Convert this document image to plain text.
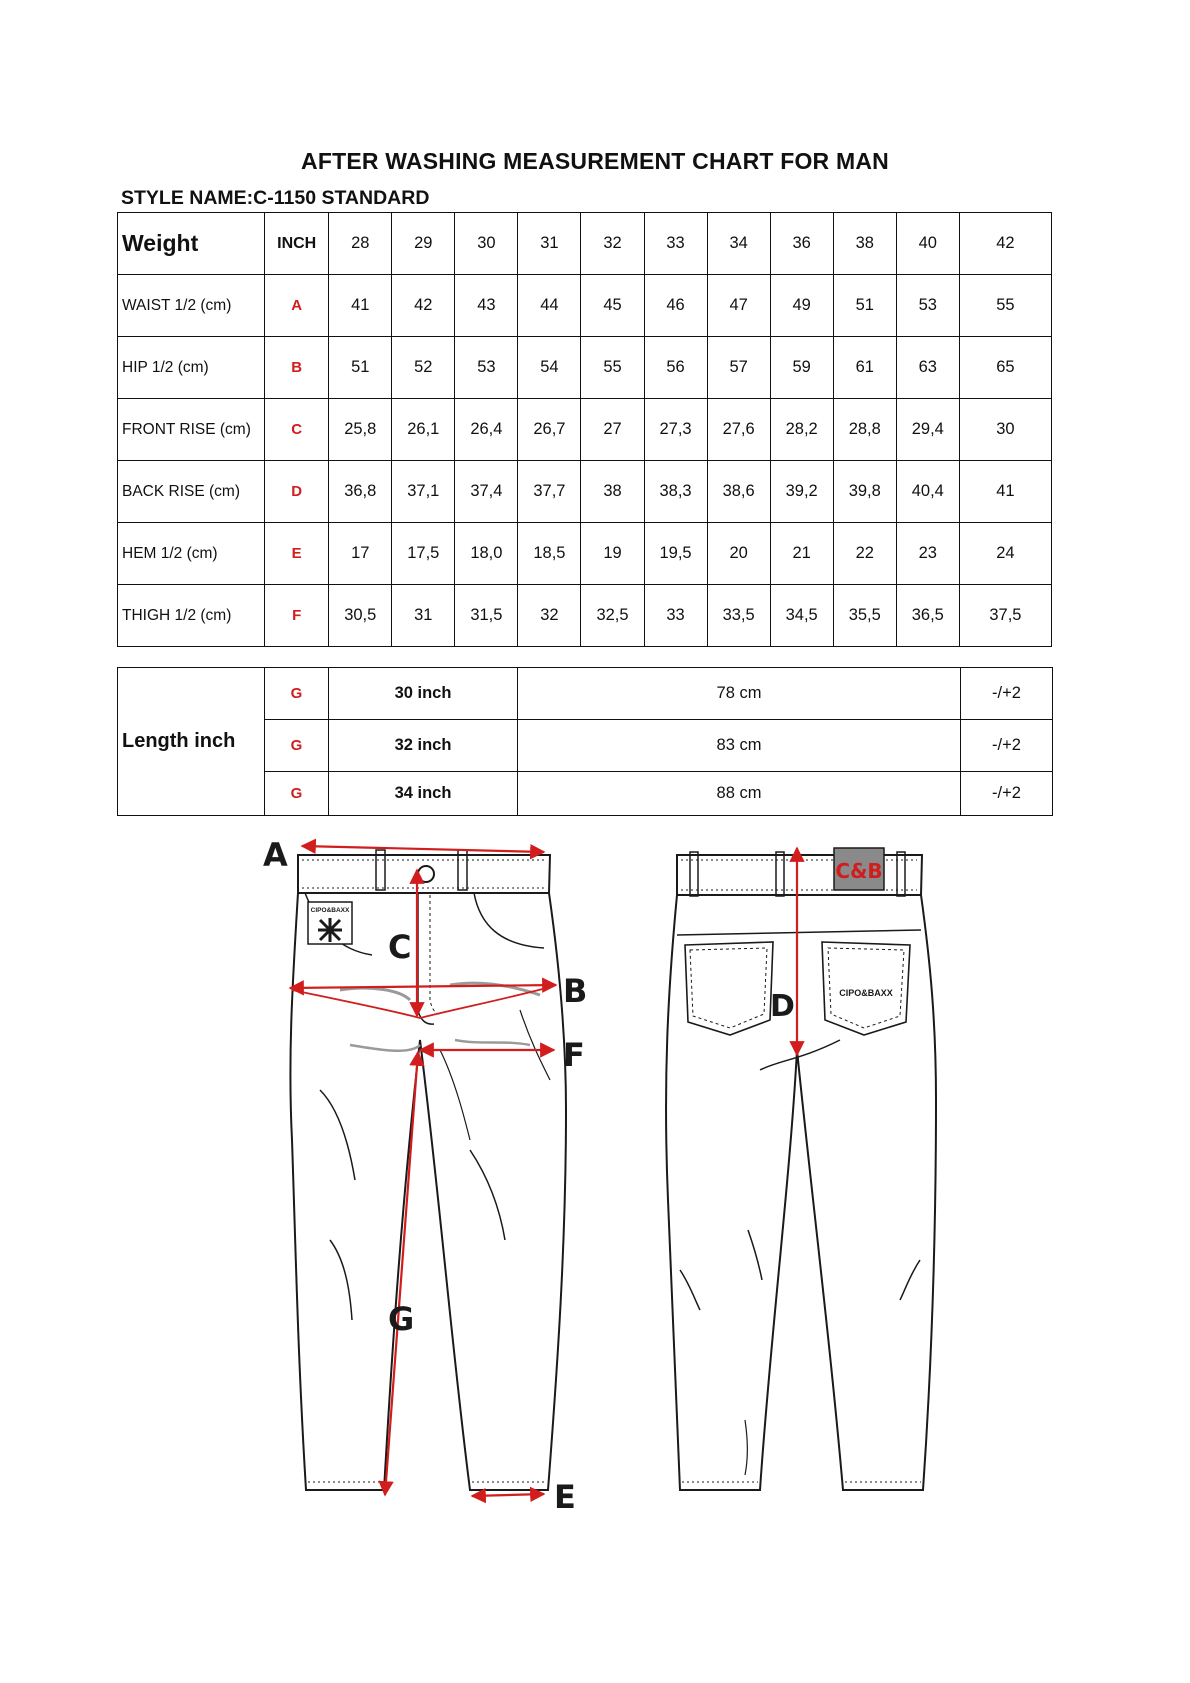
AFTER WASHING MEASUREMENT CHART FOR MAN
STYLE NAME:C-1150 STANDARD
Weight	INCH	28	29	30	31	32	33	34	36	38	40	42
WAIST 1/2 (cm)	A	41	42	43	44	45	46	47	49	51	53	55
HIP 1/2 (cm)	B	51	52	53	54	55	56	57	59	61	63	65
FRONT RISE (cm)	C	25,8	26,1	26,4	26,7	27	27,3	27,6	28,2	28,8	29,4	30
BACK RISE (cm)	D	36,8	37,1	37,4	37,7	38	38,3	38,6	39,2	39,8	40,4	41
HEM 1/2 (cm)	E	17	17,5	18,0	18,5	19	19,5	20	21	22	23	24
THIGH 1/2 (cm)	F	30,5	31	31,5	32	32,5	33	33,5	34,5	35,5	36,5	37,5
Length inch	G	30 inch	78 cm	-/+2
	G	32 inch	83 cm	-/+2
	G	34 inch	88 cm	-/+2
CIPO&BAXX
A
C
B
F
G
E
C&B
CIPO&BAXX
D
